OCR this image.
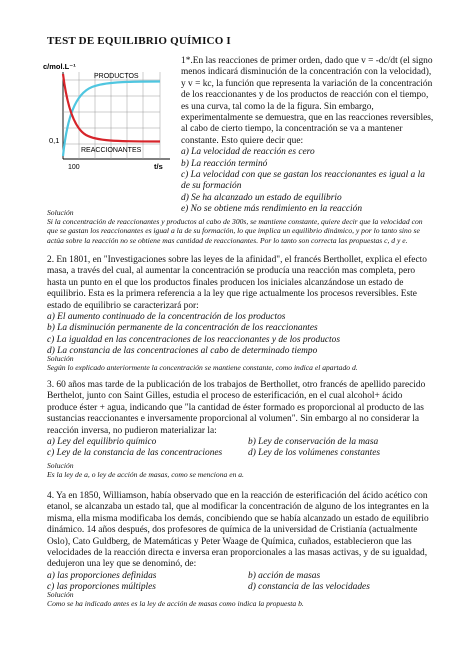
TEST DE EQUILIBRIO QUÍMICO I
c/mol.L⁻¹
t/s
PRODUCTOS
REACCIONANTES
0,1
100
1*.En las reacciones de primer orden, dado que v = -dc/dt (el signo
menos indicará disminución de la concentración con la velocidad),
y v = kc, la función que representa la variación de la concentración
de los reaccionantes y de los productos de reacción con el tiempo,
es una curva, tal como la de la figura. Sin embargo,
experimentalmente se demuestra, que en las reacciones reversibles,
al cabo de cierto tiempo, la concentración se va a mantener
constante. Esto quiere decir que:
a) La velocidad de reacción es cero
b) La reacción terminó
c) La velocidad con que se gastan los reaccionantes es igual a la
de su formación
d) Se ha alcanzado un estado de equilibrio
e) No se obtiene más rendimiento en la reacción
Solución
Si la concentración de reaccionantes y productos al cabo de 300s, se mantiene constante, quiere decir que la velocidad con
que se gastan los reaccionantes es igual a la de su formación, lo que implica un equilibrio dinámico, y por lo tanto sino se
actúa sobre la reacción no se obtiene mas cantidad de reaccionantes. Por lo tanto son correcta las propuestas c, d y e.
2. En 1801, en "Investigaciones sobre las leyes de la afinidad", el francés Berthollet, explica el efecto
masa, a través del cual, al aumentar la concentración se producía una reacción mas completa, pero
hasta un punto en el que los productos finales producen los iniciales alcanzándose un estado de
equilibrio. Esta es la primera referencia a la ley que rige actualmente los procesos reversibles. Este
estado de equilibrio se caracterizará por:
a) El aumento continuado de la concentración de los productos
b) La disminución permanente de la concentración de los reaccionantes
c) La igualdad en las concentraciones de los reaccionantes y de los productos
d) La constancia de las concentraciones al cabo de determinado tiempo
Solución
Según lo explicado anteriormente la concentración se mantiene constante, como indica el apartado d.
3. 60 años mas tarde de la publicación de los trabajos de Berthollet, otro francés de apellido parecido
Berthelot, junto con Saint Gilles, estudia el proceso de esterificación, en el cual alcohol+ ácido
produce éster + agua, indicando que "la cantidad de éster formado es proporcional al producto de las
sustancias reaccionantes e inversamente proporcional al volumen". Sin embargo al no considerar la
reacción inversa, no pudieron materializar la:
a) Ley del equilibrio químico	b) Ley de conservación de la masa
c) Ley de la constancia de las concentraciones	d) Ley de los volúmenes constantes
Solución
Es la ley de a, o ley de acción de masas, como se menciona en a.
4. Ya en 1850, Williamson, había observado que en la reacción de esterificación del ácido acético con
etanol, se alcanzaba un estado tal, que al modificar la concentración de alguno de los integrantes en la
misma, ella misma modificaba los demás, concibiendo que se había alcanzado un estado de equilibrio
dinámico. 14 años después, dos profesores de química de la universidad de Cristianía (actualmente
Oslo), Cato Guldberg, de Matemáticas y Peter Waage de Química, cuñados, establecieron que las
velocidades de la reacción directa e inversa eran proporcionales a las masas activas, y de su igualdad,
dedujeron una ley que se denominó, de:
a) las proporciones definidas	b) acción de masas
c) las proporciones múltiples	d) constancia de las velocidades
Solución
Como se ha indicado antes es la ley de acción de masas como indica la propuesta b.
